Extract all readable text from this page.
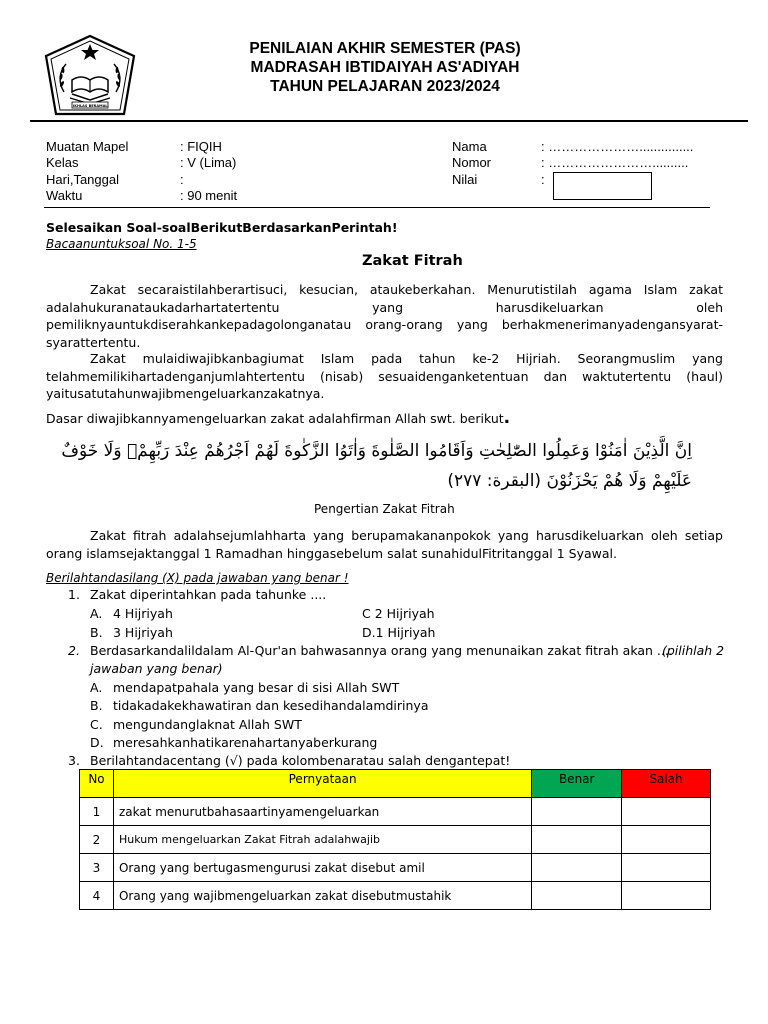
IKHLAS BERAMAL
PENILAIAN AKHIR SEMESTER (PAS)
MADRASAH IBTIDAIYAH AS'ADIYAH
TAHUN PELAJARAN 2023/2024
Muatan Mapel	: FIQIH
Kelas	: V (Lima)
Hari,Tanggal	:
Waktu	: 90 menit
Nama	: …………………...............
Nomor	: ……………………..........
Nilai	:
Selesaikan Soal-soalBerikutBerdasarkanPerintah!
Bacaanuntuksoal No. 1-5
Zakat Fitrah
Zakat secaraistilahberartisuci, kesucian, ataukeberkahan. Menurutistilah agama Islam zakat adalahukuranataukadarhartatertentu yang harusdikeluarkan oleh pemiliknyauntukdiserahkankepadagolonganatau orang-orang yang berhakmenerimanyadengansyarat-syarattertentu.
Zakat mulaidiwajibkanbagiumat Islam pada tahun ke-2 Hijriah. Seorangmuslim yang telahmemilikihartadenganjumlahtertentu (nisab) sesuaidenganketentuan dan waktutertentu (haul) yaitusatutahunwajibmengeluarkanzakatnya.
Dasar diwajibkannyamengeluarkan zakat adalahfirman Allah swt. berikut.
اِنَّ الَّذِيْنَ اٰمَنُوْا وَعَمِلُوا الصّٰلِحٰتِ وَاَقَامُوا الصَّلٰوةَ وَاٰتَوُا الزَّكٰوةَ لَهُمْ اَجْرُهُمْ عِنْدَ رَبِّهِمْۚ وَلَا خَوْفٌ
عَلَيْهِمْ وَلَا هُمْ يَحْزَنُوْنَ (البقرة: ٢٧٧)
Pengertian Zakat Fitrah
Zakat fitrah adalahsejumlahharta yang berupamakananpokok yang harusdikeluarkan oleh setiap orang islamsejaktanggal 1 Ramadhan hinggasebelum salat sunahidulFitritanggal 1 Syawal.
Berilahtandasilang (X) pada jawaban yang benar !
1. Zakat diperintahkan pada tahunke ....
A. 4 Hijriyah
B. 3 Hijriyah
C 2 Hijriyah
D.1 Hijriyah
2. Berdasarkandalildalam Al-Qur'an bahwasannya orang yang menunaikan zakat fitrah akan ....
(pilihlah 2
jawaban yang benar)
A. mendapatpahala yang besar di sisi Allah SWT
B. tidakadakekhawatiran dan kesedihandalamdirinya
C. mengundanglaknat Allah SWT
D. meresahkanhatikarenahartanyaberkurang
3. Berilahtandacentang (√) pada kolombenaratau salah dengantepat!
No	Pernyataan	Benar	Salah
1	zakat menurutbahasaartinyamengeluarkan		
2	Hukum mengeluarkan Zakat Fitrah adalahwajib		
3	Orang yang bertugasmengurusi zakat disebut amil		
4	Orang yang wajibmengeluarkan zakat disebutmustahik		
